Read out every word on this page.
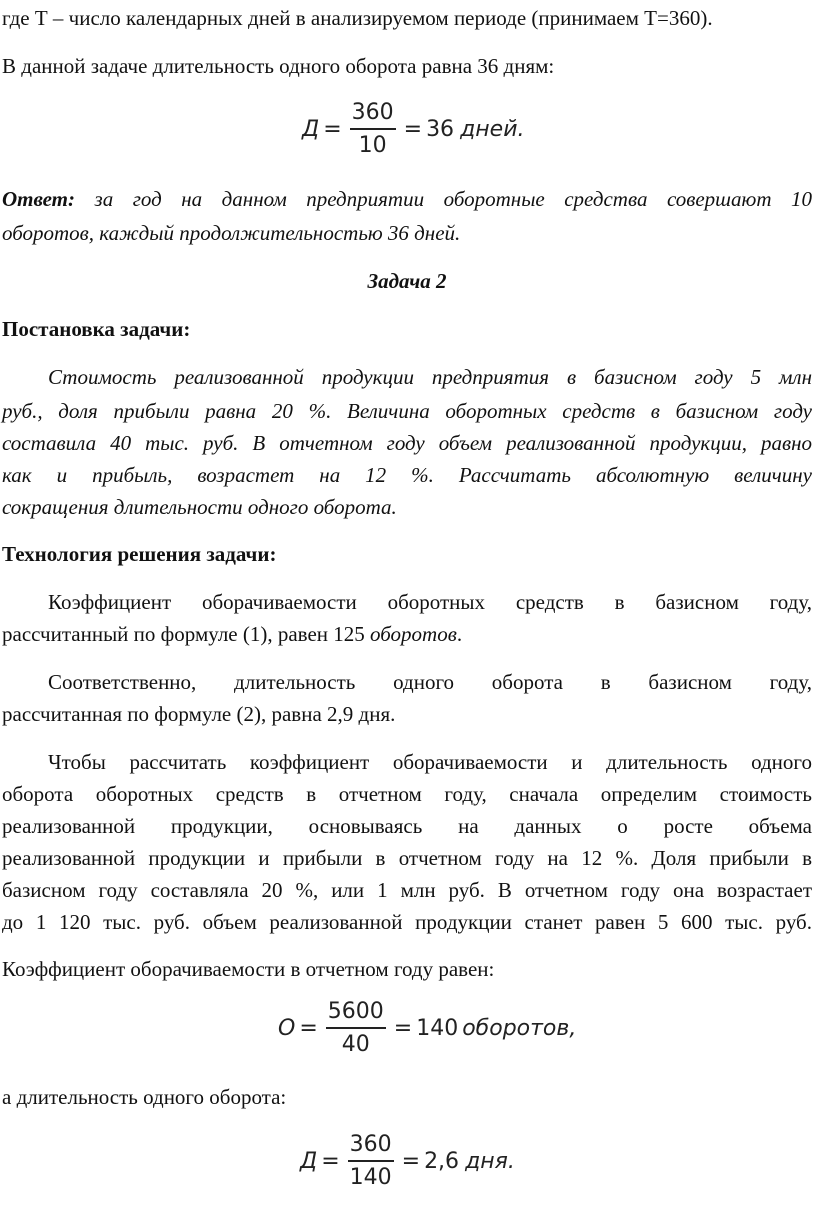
где Т – число календарных дней в анализируемом периоде (принимаем Т=360).
В данной задаче длительность одного оборота равна 36 дням:
$Д = \frac{360}{10} = 36$ дней.
Ответ: за год на данном предприятии оборотные средства совершают 10
оборотов, каждый продолжительностью 36 дней.
Задача 2
Постановка задачи:
Стоимость реализованной продукции предприятия в базисном году 5 млн
руб., доля прибыли равна 20 %. Величина оборотных средств в базисном году
составила 40 тыс. руб. В отчетном году объем реализованной продукции, равно
как и прибыль, возрастет на 12 %. Рассчитать абсолютную величину
сокращения длительности одного оборота.
Технология решения задачи:
Коэффициент оборачиваемости оборотных средств в базисном году,
рассчитанный по формуле (1), равен 125 оборотов.
Соответственно, длительность одного оборота в базисном году,
рассчитанная по формуле (2), равна 2,9 дня.
Чтобы рассчитать коэффициент оборачиваемости и длительность одного
оборота оборотных средств в отчетном году, сначала определим стоимость
реализованной продукции, основываясь на данных о росте объема
реализованной продукции и прибыли в отчетном году на 12 %. Доля прибыли в
базисном году составляла 20 %, или 1 млн руб. В отчетном году она возрастает
до 1 120 тыс. руб. объем реализованной продукции станет равен 5 600 тыс. руб.
Коэффициент оборачиваемости в отчетном году равен:
$О = \frac{5600}{40} = 140$ оборотов,
а длительность одного оборота:
$Д = \frac{360}{140} = 2,6$ дня.
